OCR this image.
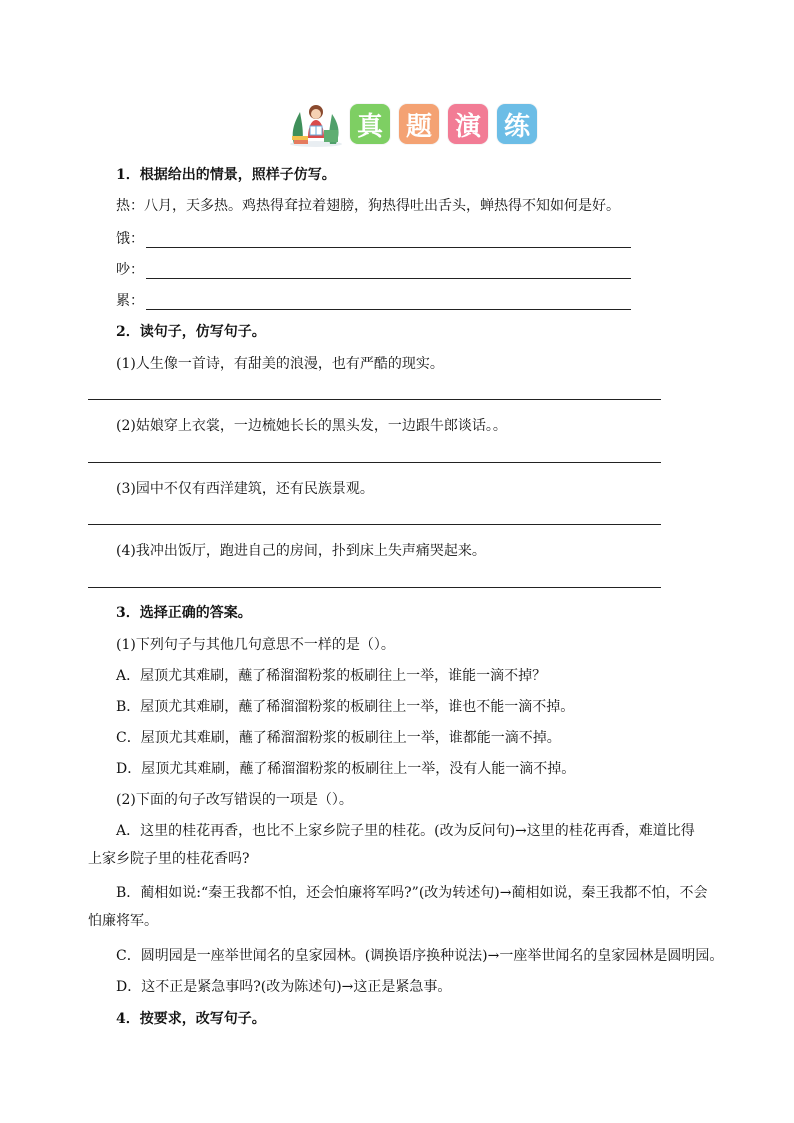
真 题 演 练
1．根据给出的情景，照样子仿写。
热：八月，天多热。鸡热得耷拉着翅膀，狗热得吐出舌头，蝉热得不知如何是好。
饿：
吵：
累：
2．读句子，仿写句子。
(1)人生像一首诗，有甜美的浪漫，也有严酷的现实。
(2)姑娘穿上衣裳，一边梳她长长的黑头发，一边跟牛郎谈话。。
(3)园中不仅有西洋建筑，还有民族景观。
(4)我冲出饭厅，跑进自己的房间，扑到床上失声痛哭起来。
3．选择正确的答案。
(1)下列句子与其他几句意思不一样的是（）。
A．屋顶尤其难刷，蘸了稀溜溜粉浆的板刷往上一举，谁能一滴不掉？
B．屋顶尤其难刷，蘸了稀溜溜粉浆的板刷往上一举，谁也不能一滴不掉。
C．屋顶尤其难刷，蘸了稀溜溜粉浆的板刷往上一举，谁都能一滴不掉。
D．屋顶尤其难刷，蘸了稀溜溜粉浆的板刷往上一举，没有人能一滴不掉。
(2)下面的句子改写错误的一项是（）。
A．这里的桂花再香，也比不上家乡院子里的桂花。(改为反问句)→这里的桂花再香，难道比得上家乡院子里的桂花香吗?
B．蔺相如说:“秦王我都不怕，还会怕廉将军吗?”(改为转述句)→蔺相如说，秦王我都不怕，不会怕廉将军。
C．圆明园是一座举世闻名的皇家园林。(调换语序换种说法)→一座举世闻名的皇家园林是圆明园。
D．这不正是紧急事吗?(改为陈述句)→这正是紧急事。
4．按要求，改写句子。
